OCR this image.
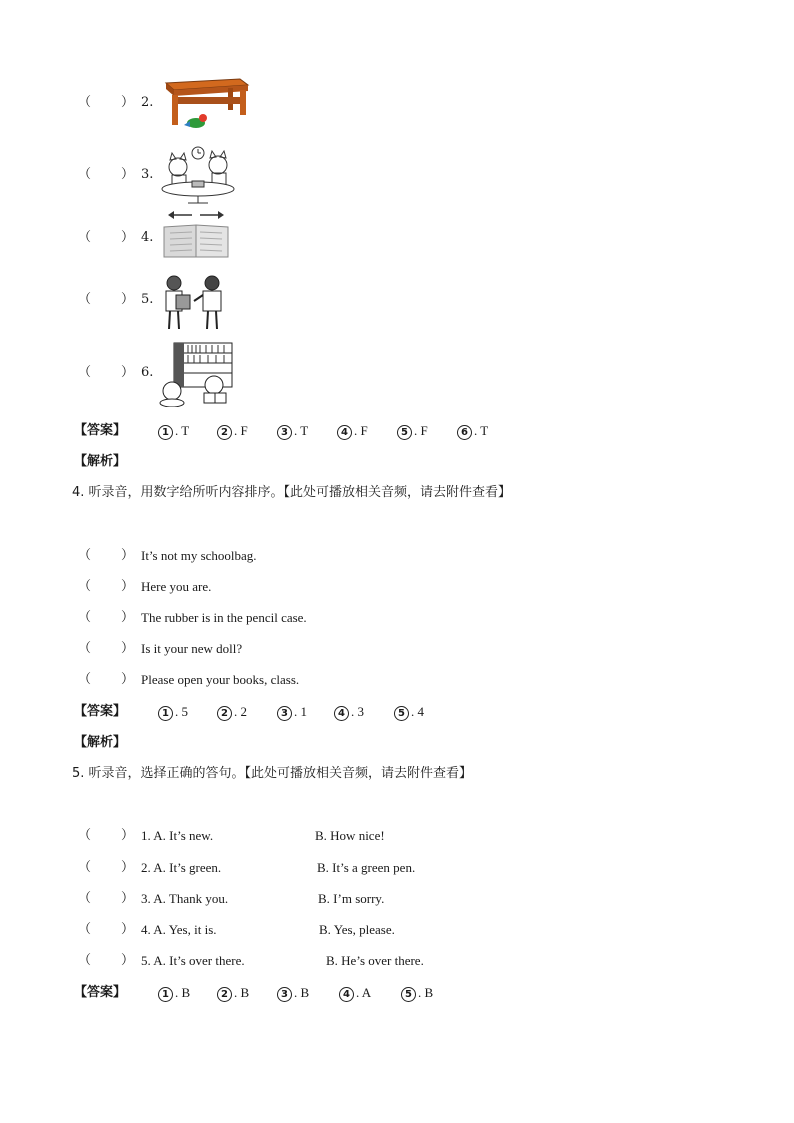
（ ） 2.
（ ） 3.
（ ） 4.
（ ） 5.
（ ） 6.
【答案】	1 . T	2 . F	3 . T	4 . F	5 . F	6 . T
【解析】
4. 听录音，用数字给所听内容排序。【此处可播放相关音频，请去附件查看】
（ ） It’s not my schoolbag.
（ ） Here you are.
（ ） The rubber is in the pencil case.
（ ） Is it your new doll?
（ ） Please open your books, class.
【答案】	1 . 5	2 . 2	3 . 1	4 . 3	5 . 4
【解析】
5. 听录音，选择正确的答句。【此处可播放相关音频，请去附件查看】
（ ） 1. A. It’s new.	B. How nice!
（ ） 2. A. It’s green.	B. It’s a green pen.
（ ） 3. A. Thank you.	B. I’m sorry.
（ ） 4. A. Yes, it is.	B. Yes, please.
（ ） 5. A. It’s over there.	B. He’s over there.
【答案】	1 . B	2 . B	3 . B	4 . A	5 . B
